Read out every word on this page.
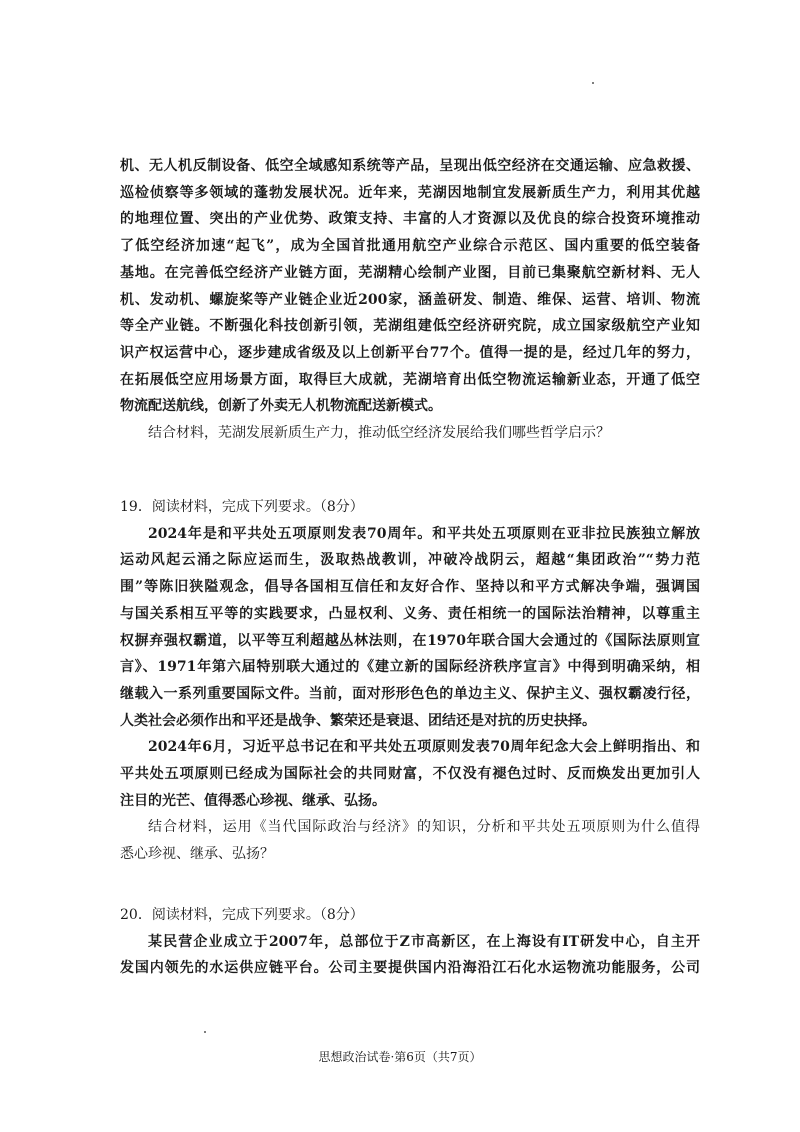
机、无人机反制设备、低空全域感知系统等产品，呈现出低空经济在交通运输、应急救援、

巡检侦察等多领域的蓬勃发展状况。近年来，芜湖因地制宜发展新质生产力，利用其优越

的地理位置、突出的产业优势、政策支持、丰富的人才资源以及优良的综合投资环境推动

了低空经济加速“起飞”，成为全国首批通用航空产业综合示范区、国内重要的低空装备

基地。在完善低空经济产业链方面，芜湖精心绘制产业图，目前已集聚航空新材料、无人

机、发动机、螺旋桨等产业链企业近200家，涵盖研发、制造、维保、运营、培训、物流

等全产业链。不断强化科技创新引领，芜湖组建低空经济研究院，成立国家级航空产业知

识产权运营中心，逐步建成省级及以上创新平台77个。值得一提的是，经过几年的努力，

在拓展低空应用场景方面，取得巨大成就，芜湖培育出低空物流运输新业态，开通了低空

物流配送航线，创新了外卖无人机物流配送新模式。

结合材料，芜湖发展新质生产力，推动低空经济发展给我们哪些哲学启示？

19．阅读材料，完成下列要求。（8分）

2024年是和平共处五项原则发表70周年。和平共处五项原则在亚非拉民族独立解放

运动风起云涌之际应运而生，汲取热战教训，冲破冷战阴云，超越“集团政治”“势力范

围”等陈旧狭隘观念，倡导各国相互信任和友好合作、坚持以和平方式解决争端，强调国

与国关系相互平等的实践要求，凸显权利、义务、责任相统一的国际法治精神，以尊重主

权摒弃强权霸道，以平等互利超越丛林法则，在1970年联合国大会通过的《国际法原则宣

言》、1971年第六届特别联大通过的《建立新的国际经济秩序宣言》中得到明确采纳，相

继载入一系列重要国际文件。当前，面对形形色色的单边主义、保护主义、强权霸凌行径，

人类社会必须作出和平还是战争、繁荣还是衰退、团结还是对抗的历史抉择。

2024年6月，习近平总书记在和平共处五项原则发表70周年纪念大会上鲜明指出、和

平共处五项原则已经成为国际社会的共同财富，不仅没有褪色过时、反而焕发出更加引人

注目的光芒、值得悉心珍视、继承、弘扬。

结合材料，运用《当代国际政治与经济》的知识，分析和平共处五项原则为什么值得

悉心珍视、继承、弘扬？

20．阅读材料，完成下列要求。（8分）

某民营企业成立于2007年，总部位于Z市高新区，在上海设有IT研发中心，自主开

发国内领先的水运供应链平台。公司主要提供国内沿海沿江石化水运物流功能服务，公司

思想政治试卷·第6页（共7页）
